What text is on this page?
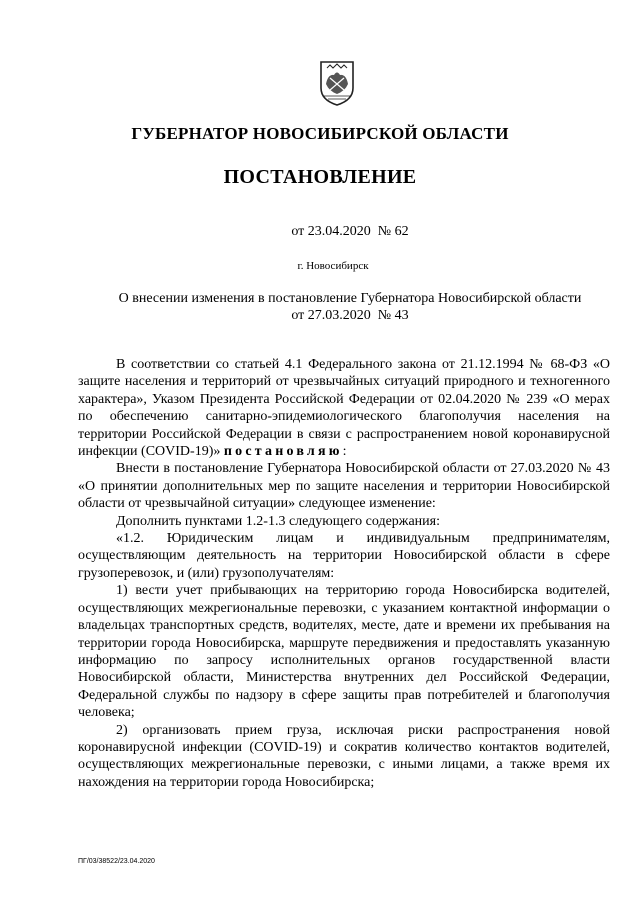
ГУБЕРНАТОР НОВОСИБИРСКОЙ ОБЛАСТИ
ПОСТАНОВЛЕНИЕ
от 23.04.2020  № 62
г. Новосибирск
О внесении изменения в постановление Губернатора Новосибирской области
от 27.03.2020  № 43

В соответствии со статьей 4.1 Федерального закона от 21.12.1994 № 68-ФЗ «О защите населения и территорий от чрезвычайных ситуаций природного и техногенного характера», Указом Президента Российской Федерации от 02.04.2020 № 239 «О мерах по обеспечению санитарно-эпидемиологического благополучия населения на территории Российской Федерации в связи с распространением новой коронавирусной инфекции (COVID-19)» постановляю:

Внести в постановление Губернатора Новосибирской области от 27.03.2020 № 43 «О принятии дополнительных мер по защите населения и территории Новосибирской области от чрезвычайной ситуации» следующее изменение:

Дополнить пунктами 1.2-1.3 следующего содержания:

«1.2. Юридическим лицам и индивидуальным предпринимателям, осуществляющим деятельность на территории Новосибирской области в сфере грузоперевозок, и (или) грузополучателям:

1) вести учет прибывающих на территорию города Новосибирска водителей, осуществляющих межрегиональные перевозки, с указанием контактной информации о владельцах транспортных средств, водителях, месте, дате и времени их пребывания на территории города Новосибирска, маршруте передвижения и предоставлять указанную информацию по запросу исполнительных органов государственной власти Новосибирской области, Министерства внутренних дел Российской Федерации, Федеральной службы по надзору в сфере защиты прав потребителей и благополучия человека;

2) организовать прием груза, исключая риски распространения новой коронавирусной инфекции (COVID-19) и сократив количество контактов водителей, осуществляющих межрегиональные перевозки, с иными лицами, а также время их нахождения на территории города Новосибирска;

ПГ/03/38522/23.04.2020
